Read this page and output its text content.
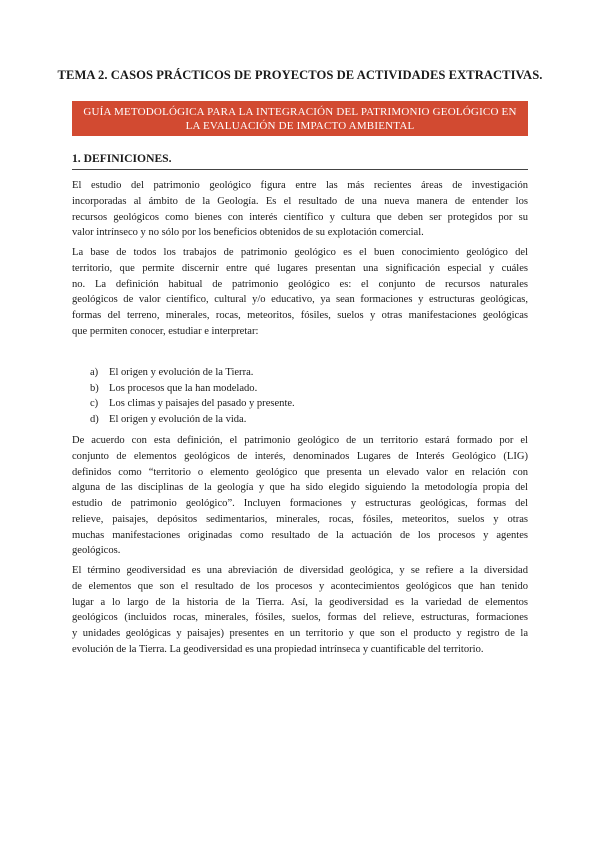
TEMA 2. CASOS PRÁCTICOS DE PROYECTOS DE ACTIVIDADES EXTRACTIVAS.
GUÍA METODOLÓGICA PARA LA INTEGRACIÓN DEL PATRIMONIO GEOLÓGICO EN
LA EVALUACIÓN DE IMPACTO AMBIENTAL
1. DEFINICIONES.

El estudio del patrimonio geológico figura entre las más recientes áreas de investigación
incorporadas al ámbito de la Geología. Es el resultado de una nueva manera de entender los
recursos geológicos como bienes con interés científico y cultura que deben ser protegidos por su
valor intrínseco y no sólo por los beneficios obtenidos de su explotación comercial.

La base de todos los trabajos de patrimonio geológico es el buen conocimiento geológico del
territorio, que permite discernir entre qué lugares presentan una significación especial y cuáles
no. La definición habitual de patrimonio geológico es: el conjunto de recursos naturales
geológicos de valor científico, cultural y/o educativo, ya sean formaciones y estructuras geológicas,
formas del terreno, minerales, rocas, meteoritos, fósiles, suelos y otras manifestaciones geológicas
que permiten conocer, estudiar e interpretar:

a)	El origen y evolución de la Tierra.
b) Los procesos que la han modelado.
c)	Los climas y paisajes del pasado y presente.
d) El origen y evolución de la vida.

De acuerdo con esta definición, el patrimonio geológico de un territorio estará formado por el
conjunto de elementos geológicos de interés, denominados Lugares de Interés Geológico (LIG)
definidos como “territorio o elemento geológico que presenta un elevado valor en relación con
alguna de las disciplinas de la geología y que ha sido elegido siguiendo la metodología propia del
estudio de patrimonio geológico”. Incluyen formaciones y estructuras geológicas, formas del
relieve, paisajes, depósitos sedimentarios, minerales, rocas, fósiles, meteoritos, suelos y otras
muchas manifestaciones originadas como resultado de la actuación de los procesos y agentes
geológicos.

El término geodiversidad es una abreviación de diversidad geológica, y se refiere a la diversidad
de elementos que son el resultado de los procesos y acontecimientos geológicos que han tenido
lugar a lo largo de la historia de la Tierra. Así, la geodiversidad es la variedad de elementos
geológicos (incluidos rocas, minerales, fósiles, suelos, formas del relieve, estructuras, formaciones
y unidades geológicas y paisajes) presentes en un territorio y que son el producto y registro de la
evolución de la Tierra. La geodiversidad es una propiedad intrínseca y cuantificable del territorio.
